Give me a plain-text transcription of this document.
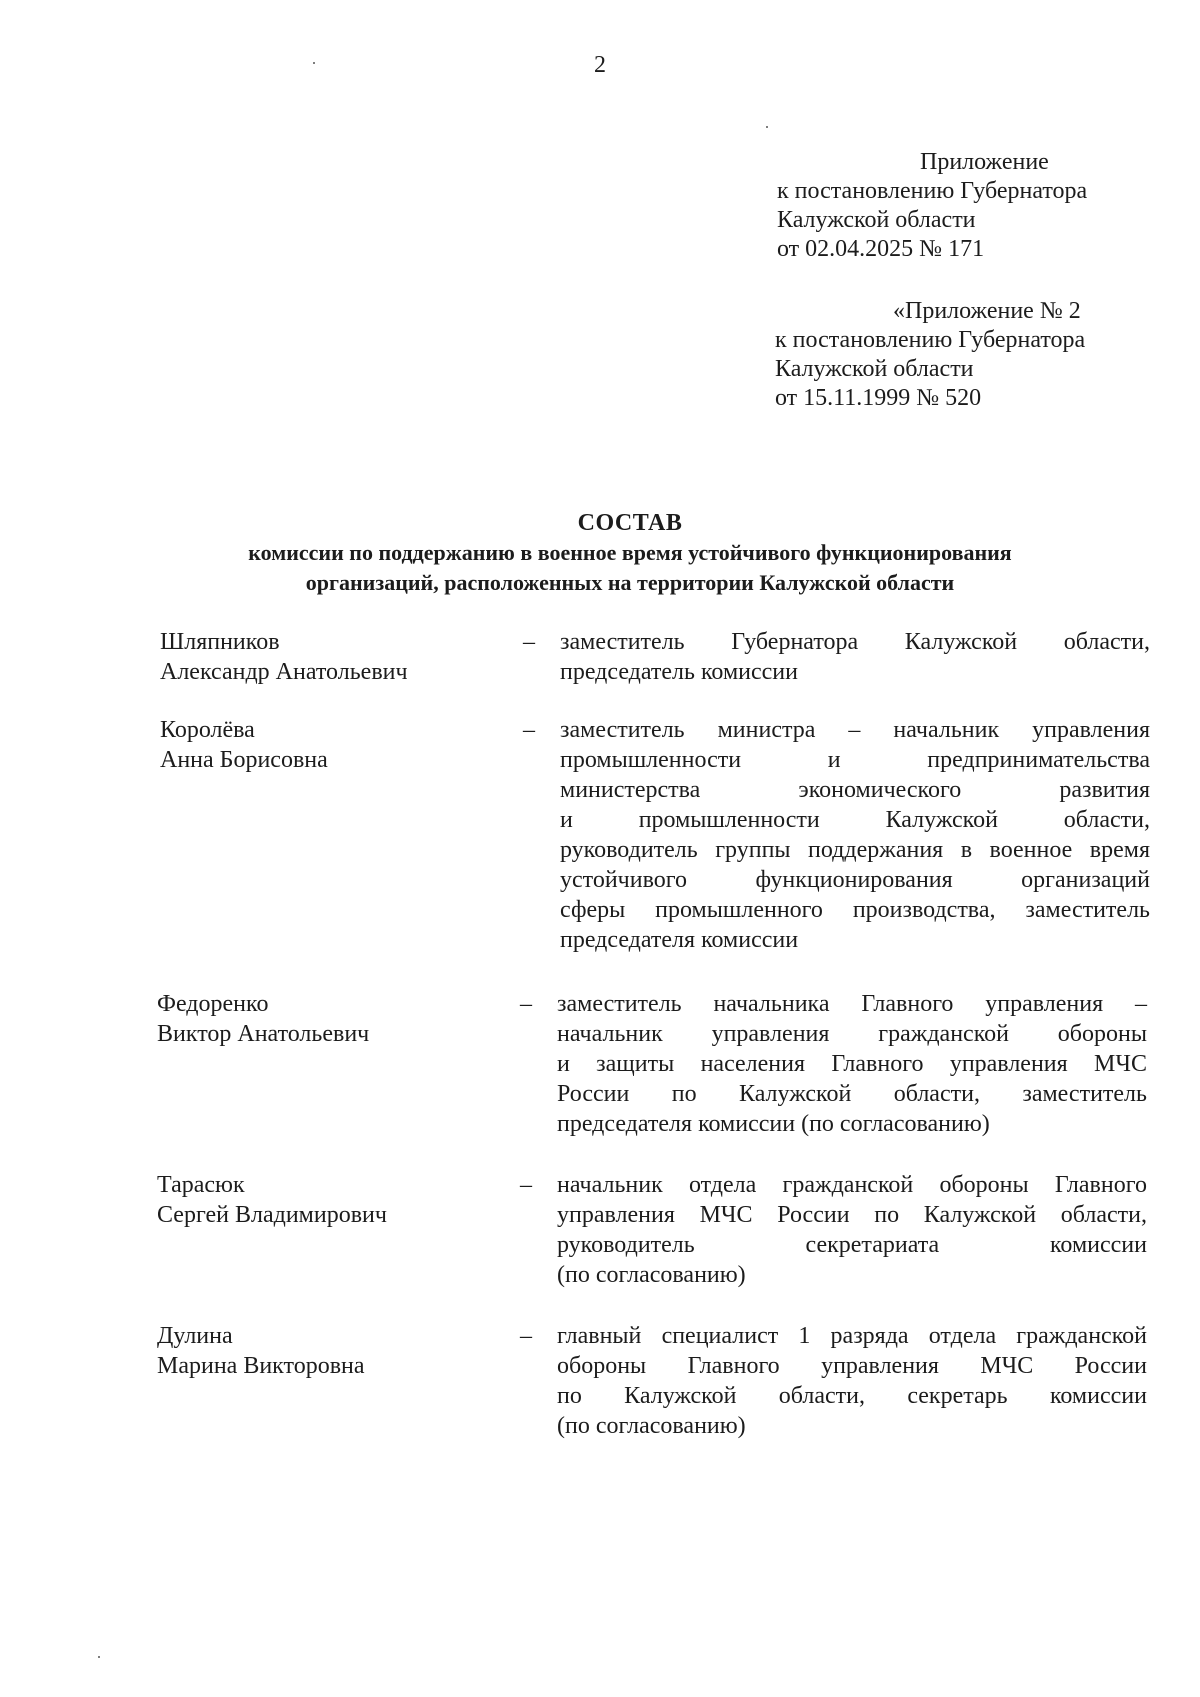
2
Приложение
к постановлению Губернатора
Калужской области
от 02.04.2025 № 171
«Приложение № 2
к постановлению Губернатора
Калужской области
от 15.11.1999 № 520
СОСТАВ
комиссии по поддержанию в военное время устойчивого функционирования
организаций, расположенных на территории Калужской области
Шляпников
Александр Анатольевич
– заместитель Губернатора Калужской области,
председатель комиссии
Королёва
Анна Борисовна
– заместитель министра – начальник управления
промышленности	и	предпринимательства
министерства	экономического	развития
и	промышленности	Калужской	области,
руководитель группы поддержания в военное время
устойчивого	функционирования	организаций
сферы промышленного производства, заместитель
председателя комиссии
Федоренко
Виктор Анатольевич
– заместитель начальника Главного управления –
начальник управления гражданской обороны
и защиты населения Главного управления МЧС
России по Калужской области, заместитель
председателя комиссии (по согласованию)
Тарасюк
Сергей Владимирович
– начальник отдела гражданской обороны Главного
управления МЧС России по Калужской области,
руководитель	секретариата	комиссии
(по согласованию)
Дулина
Марина Викторовна
– главный специалист 1 разряда отдела гражданской
обороны Главного управления МЧС России
по Калужской области, секретарь комиссии
(по согласованию)
